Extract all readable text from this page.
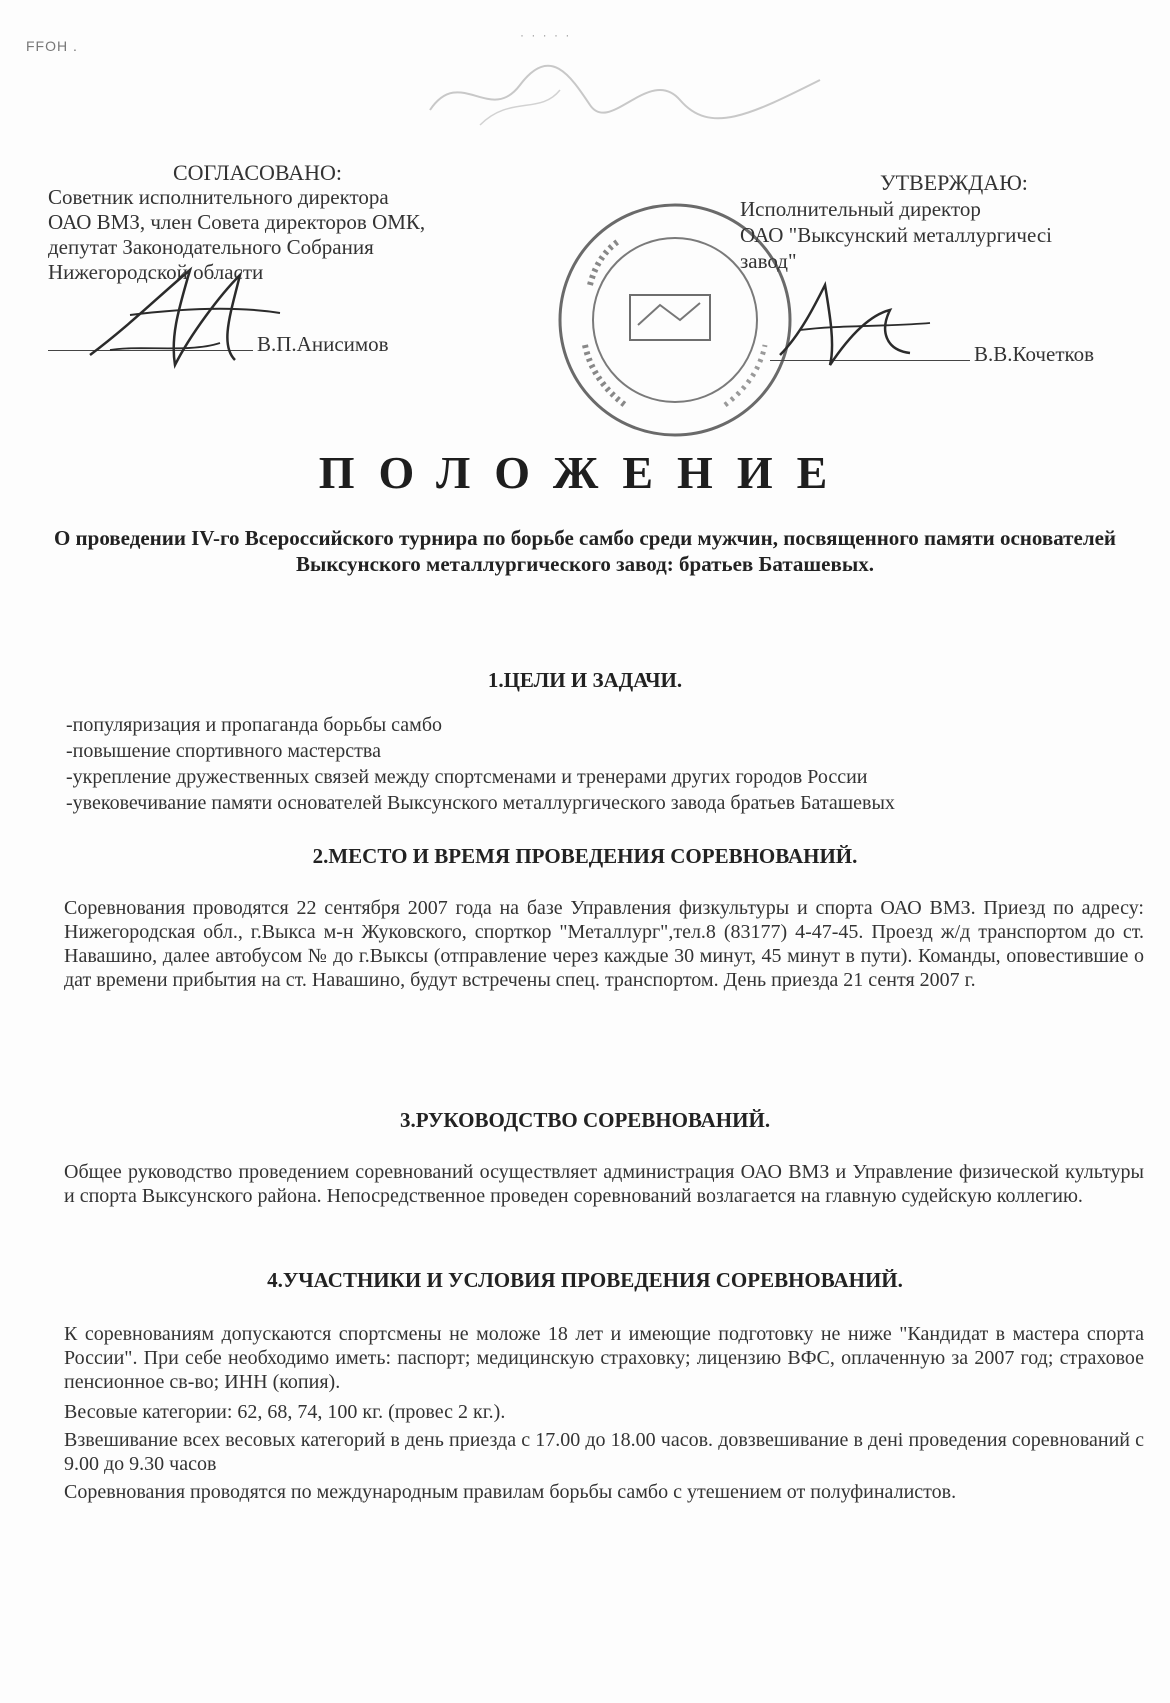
FFOH .
· · · · ·
СОГЛАСОВАНО:
Советник исполнительного директора
ОАО ВМЗ, член Совета директоров ОМК,
депутат Законодательного Собрания
Нижегородской области
В.П.Анисимов
УТВЕРЖДАЮ:
Исполнительный директор
ОАО "Выксунский металлургичесі
завод"
В.В.Кочетков
ПОЛОЖЕНИЕ
О проведении IV-го Всероссийского турнира по борьбе самбо среди мужчин, посвященного памяти основателей Выксунского металлургического завод: братьев Баташевых.
1.ЦЕЛИ И ЗАДАЧИ.
-популяризация и пропаганда борьбы самбо
-повышение спортивного мастерства
-укрепление дружественных связей между спортсменами и тренерами других городов России
-увековечивание памяти основателей Выксунского металлургического завода братьев Баташевых
2.МЕСТО И ВРЕМЯ ПРОВЕДЕНИЯ СОРЕВНОВАНИЙ.
Соревнования проводятся 22 сентября 2007 года на базе Управления физкультуры и спорта ОАО ВМЗ. Приезд по адресу: Нижегородская обл., г.Выкса м-н Жуковского, спорткор "Металлург",тел.8 (83177) 4-47-45. Проезд ж/д транспортом до ст. Навашино, далее автобусом № до г.Выксы (отправление через каждые 30 минут, 45 минут в пути). Команды, оповестившие о дат времени прибытия на ст. Навашино, будут встречены спец. транспортом. День приезда 21 сентя 2007 г.
3.РУКОВОДСТВО СОРЕВНОВАНИЙ.
Общее руководство проведением соревнований осуществляет администрация ОАО ВМЗ и Управление физической культуры и спорта Выксунского района. Непосредственное проведен соревнований возлагается на главную судейскую коллегию.
4.УЧАСТНИКИ И УСЛОВИЯ ПРОВЕДЕНИЯ СОРЕВНОВАНИЙ.
К соревнованиям допускаются спортсмены не моложе 18 лет и имеющие подготовку не ниже "Кандидат в мастера спорта России". При себе необходимо иметь: паспорт; медицинскую страховку; лицензию ВФС, оплаченную за 2007 год; страховое пенсионное св-во; ИНН (копия).
Весовые категории: 62, 68, 74, 100 кг. (провес 2 кг.).
Взвешивание всех весовых категорий в день приезда с 17.00 до 18.00 часов. довзвешивание в дені проведения соревнований с 9.00 до 9.30 часов
Соревнования проводятся по международным правилам борьбы самбо с утешением от полуфиналистов.
